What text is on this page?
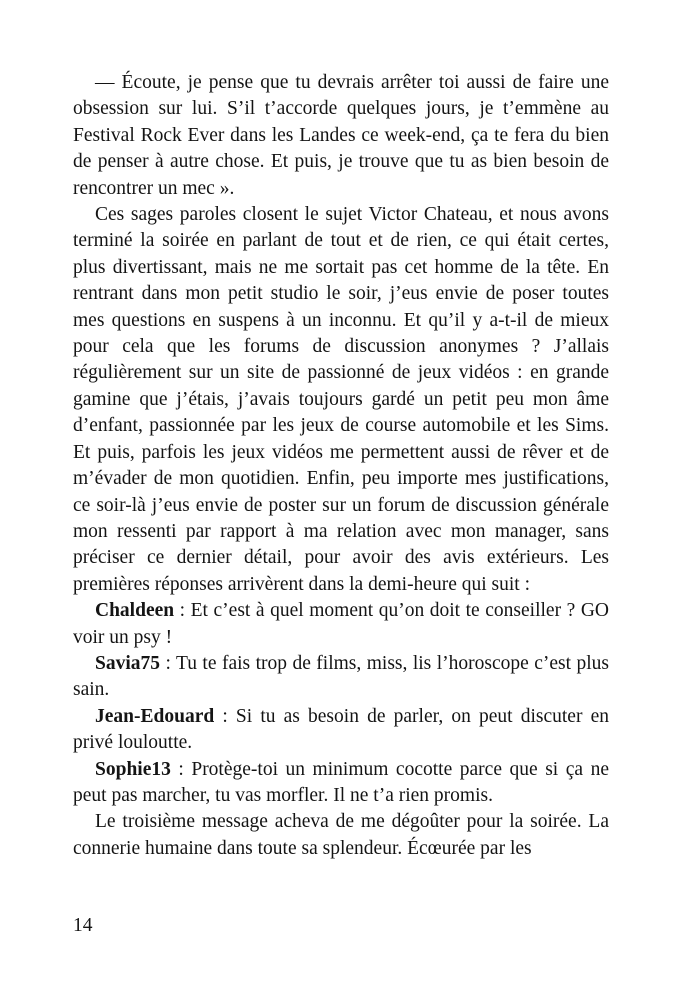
— Écoute, je pense que tu devrais arrêter toi aussi de faire une obsession sur lui. S’il t’accorde quelques jours, je t’emmène au Festival Rock Ever dans les Landes ce week-end, ça te fera du bien de penser à autre chose. Et puis, je trouve que tu as bien besoin de rencontrer un mec ».

Ces sages paroles closent le sujet Victor Chateau, et nous avons terminé la soirée en parlant de tout et de rien, ce qui était certes, plus divertissant, mais ne me sortait pas cet homme de la tête. En rentrant dans mon petit studio le soir, j’eus envie de poser toutes mes questions en suspens à un inconnu. Et qu’il y a-t-il de mieux pour cela que les forums de discussion anonymes ? J’allais régulièrement sur un site de passionné de jeux vidéos : en grande gamine que j’étais, j’avais toujours gardé un petit peu mon âme d’enfant, passionnée par les jeux de course automobile et les Sims. Et puis, parfois les jeux vidéos me permettent aussi de rêver et de m’évader de mon quotidien. Enfin, peu importe mes justifications, ce soir-là j’eus envie de poster sur un forum de discussion générale mon ressenti par rapport à ma relation avec mon manager, sans préciser ce dernier détail, pour avoir des avis extérieurs. Les premières réponses arrivèrent dans la demi-heure qui suit :

Chaldeen : Et c’est à quel moment qu’on doit te conseiller ? GO voir un psy !

Savia75 : Tu te fais trop de films, miss, lis l’horoscope c’est plus sain.

Jean-Edouard : Si tu as besoin de parler, on peut discuter en privé louloutte.

Sophie13 : Protège-toi un minimum cocotte parce que si ça ne peut pas marcher, tu vas morfler. Il ne t’a rien promis.

Le troisième message acheva de me dégoûter pour la soirée. La connerie humaine dans toute sa splendeur. Écœurée par les

14
